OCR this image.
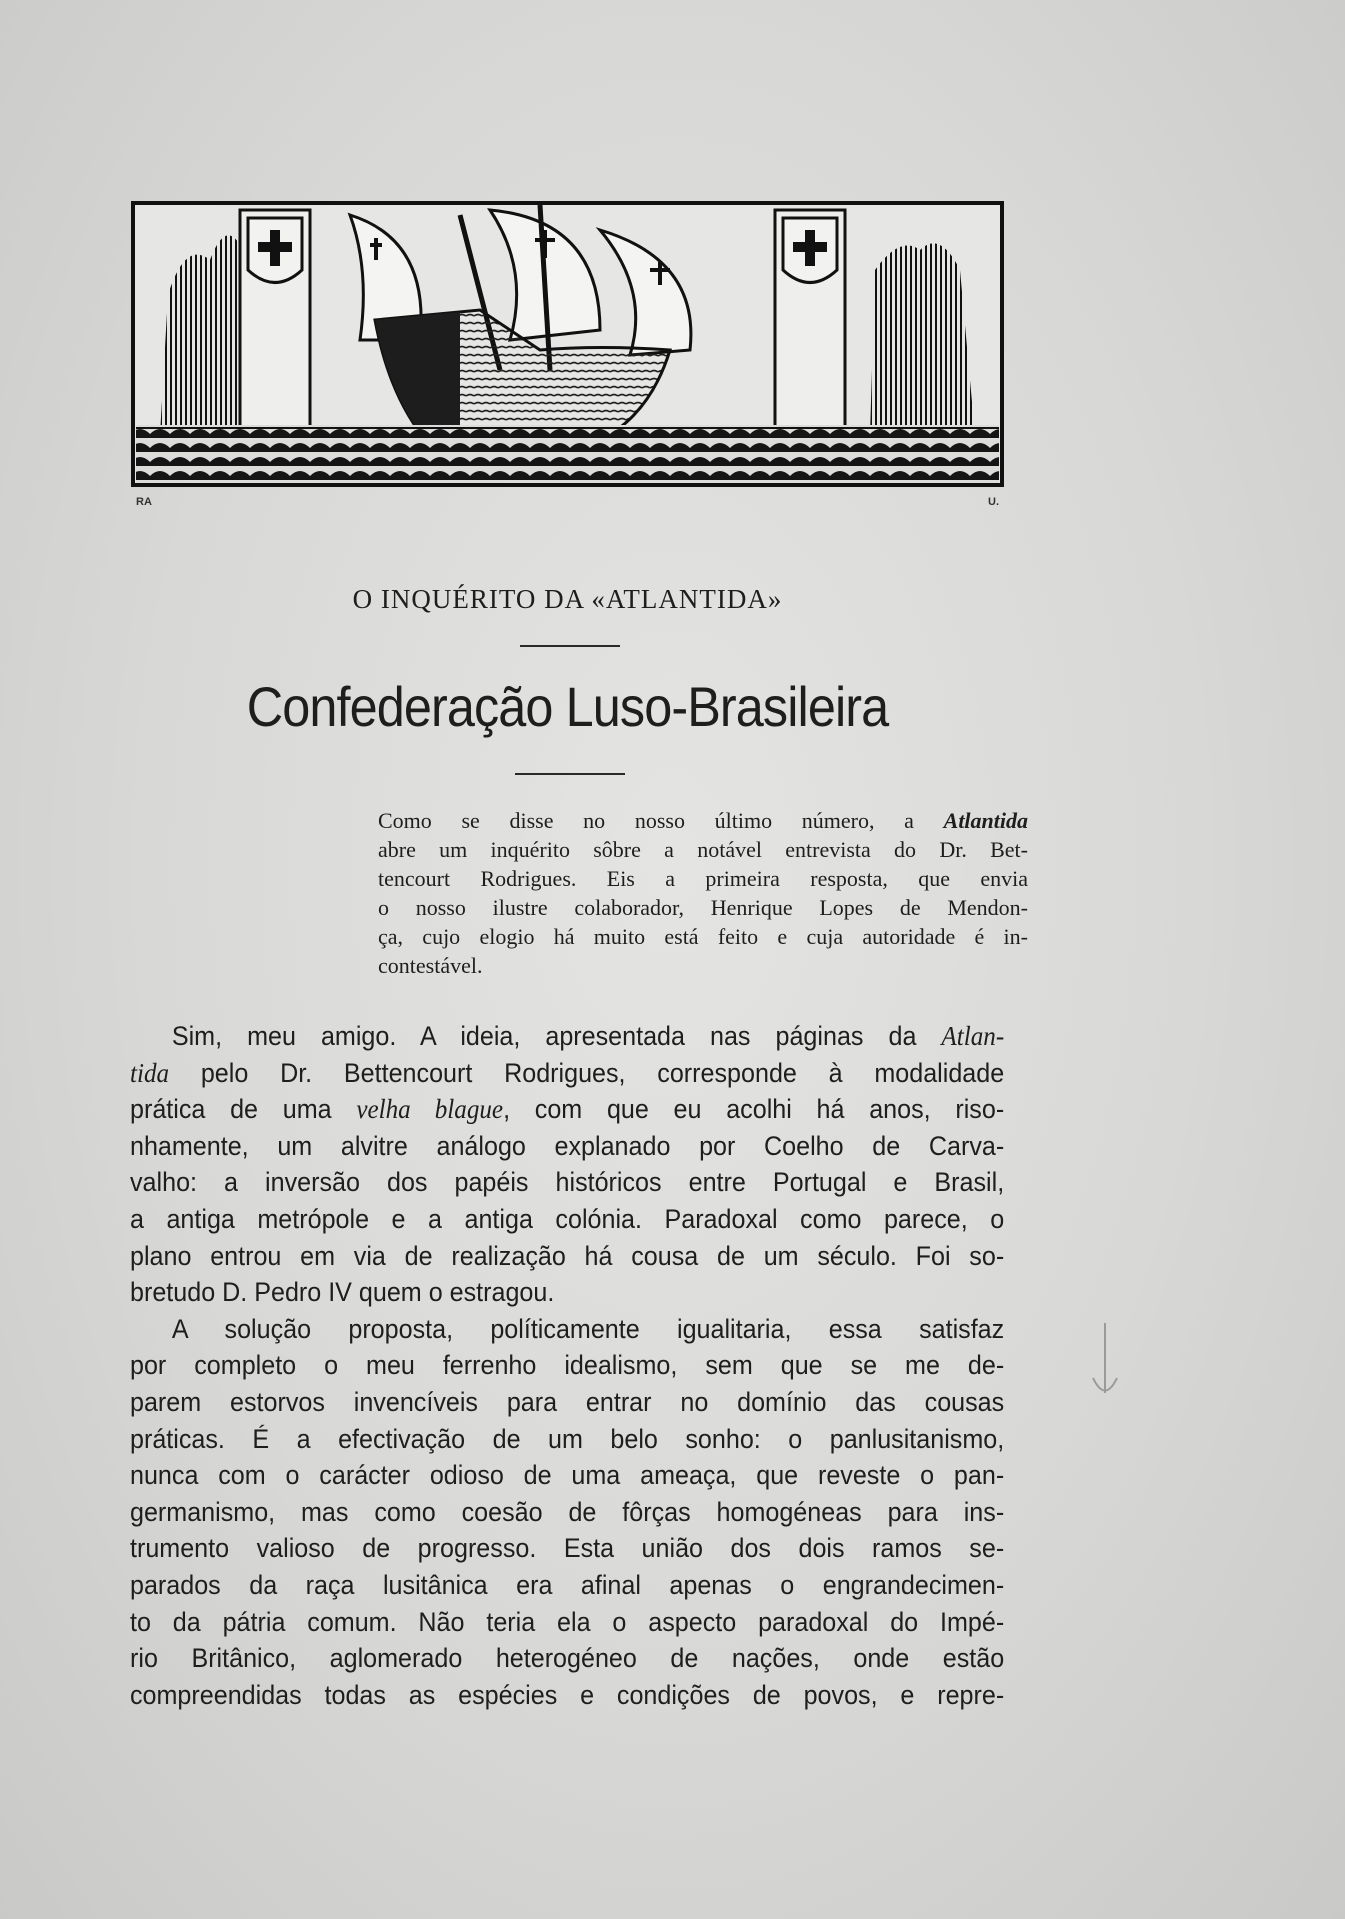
RA	U.
O INQUÉRITO DA «ATLANTIDA»
Confederação Luso-Brasileira
Como se disse no nosso último número, a Atlantida
abre um inquérito sôbre a notável entrevista do Dr. Bet-
tencourt Rodrigues. Eis a primeira resposta, que envia
o nosso ilustre colaborador, Henrique Lopes de Mendon-
ça, cujo elogio há muito está feito e cuja autoridade é in-
contestável.
Sim, meu amigo. A ideia, apresentada nas páginas da Atlan-
tida pelo Dr. Bettencourt Rodrigues, corresponde à modalidade
prática de uma velha blague, com que eu acolhi há anos, riso-
nhamente, um alvitre análogo explanado por Coelho de Carva-
valho: a inversão dos papéis históricos entre Portugal e Brasil,
a antiga metrópole e a antiga colónia. Paradoxal como parece, o
plano entrou em via de realização há cousa de um século. Foi so-
bretudo D. Pedro IV quem o estragou.
A solução proposta, políticamente igualitaria, essa satisfaz
por completo o meu ferrenho idealismo, sem que se me de-
parem estorvos invencíveis para entrar no domínio das cousas
práticas. É a efectivação de um belo sonho: o panlusitanismo,
nunca com o carácter odioso de uma ameaça, que reveste o pan-
germanismo, mas como coesão de fôrças homogéneas para ins-
trumento valioso de progresso. Esta união dos dois ramos se-
parados da raça lusitânica era afinal apenas o engrandecimen-
to da pátria comum. Não teria ela o aspecto paradoxal do Impé-
rio Britânico, aglomerado heterogéneo de nações, onde estão
compreendidas todas as espécies e condições de povos, e repre-
